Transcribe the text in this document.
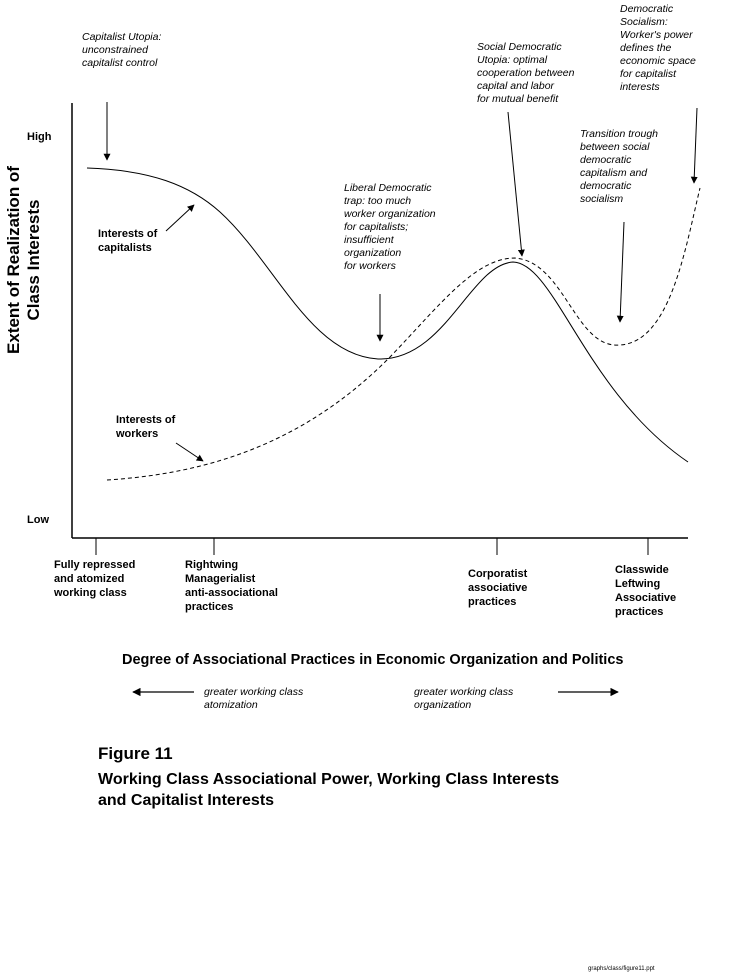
Extent of Realization of Class Interests
High
Low
Capitalist Utopia:
unconstrained
capitalist control
Liberal Democratic
trap: too much
worker organization
for capitalists;
insufficient
organization
for workers
Social Democratic
Utopia: optimal
cooperation between
capital and labor
for mutual benefit
Transition trough
between social
democratic
capitalism and
democratic
socialism
Democratic
Socialism:
Worker's power
defines the
economic space
for capitalist
interests
Interests of
capitalists
Interests of
workers
Fully repressed
and atomized
working class
Rightwing
Managerialist
anti-associational
practices
Corporatist
associative
practices
Classwide
Leftwing
Associative
practices
Degree of Associational Practices in Economic Organization and Politics
greater working class
atomization
greater working class
organization
Figure 11
Working Class Associational Power, Working Class Interests
and Capitalist Interests
graphs/class/figure11.ppt
